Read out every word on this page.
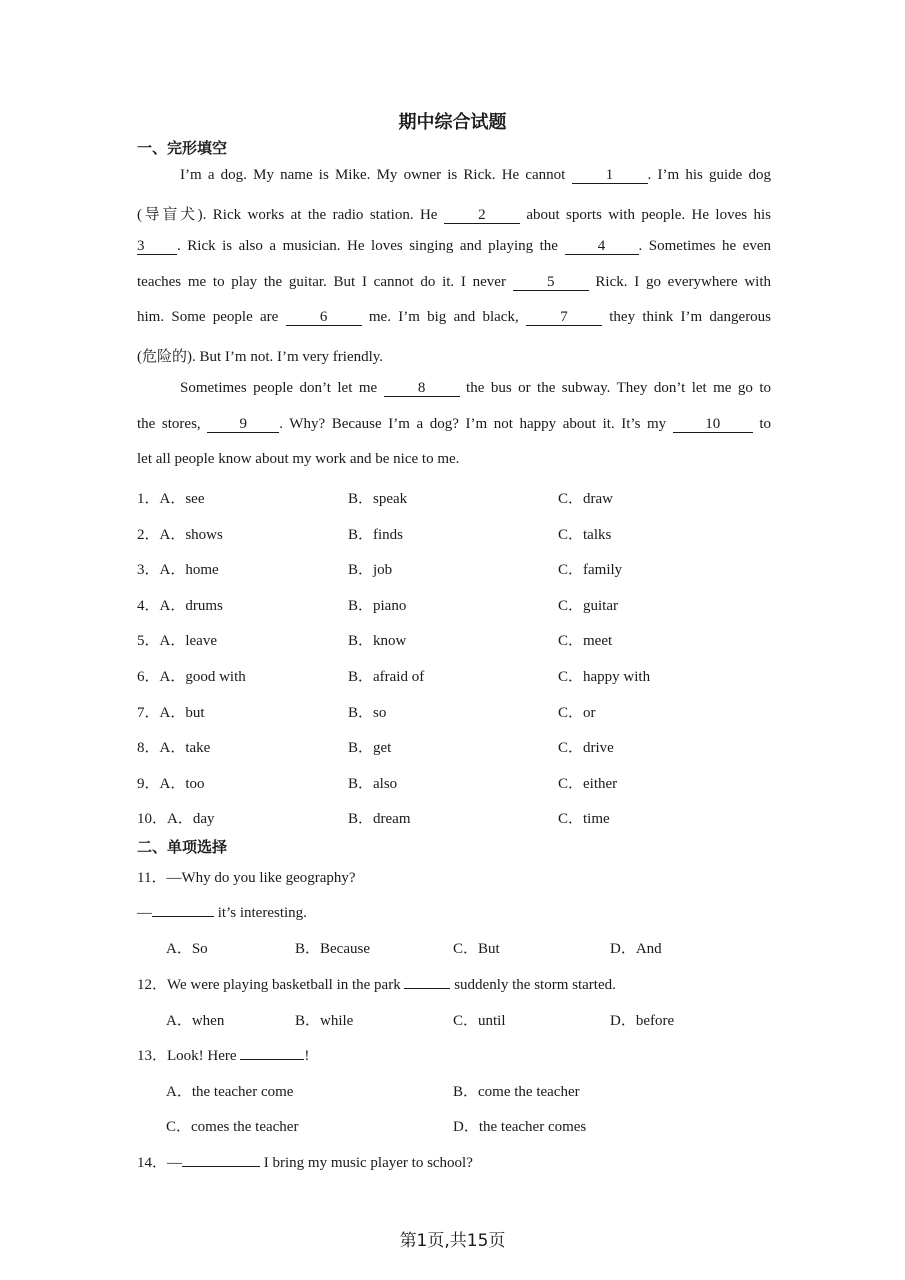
期中综合试题
一、完形填空
I’m a dog. My name is Mike. My owner is Rick. He cannot	1 . I’m his guide dog
(导盲犬). Rick works at the radio station. He	2	about sports with people. He loves his
3 . Rick is also a musician. He loves singing and playing the	4 . Sometimes he even
teaches me to play the guitar. But I cannot do it. I never	5	Rick. I go everywhere with
him. Some people are	6	me. I’m big and black,	7	they think I’m dangerous
(危险的). But I’m not. I’m very friendly.
Sometimes people don’t let me	8	the bus or the subway. They don’t let me go to
the stores,	9 . Why? Because I’m a dog? I’m not happy about it. It’s my	10	to
let all people know about my work and be nice to me.
1．A．see	B．speak	C．draw
2．A．shows	B．finds	C．talks
3．A．home	B．job	C．family
4．A．drums	B．piano	C．guitar
5．A．leave	B．know	C．meet
6．A．good with	B．afraid of	C．happy with
7．A．but	B．so	C．or
8．A．take	B．get	C．drive
9．A．too	B．also	C．either
10．A．day	B．dream	C．time
二、单项选择
11．—Why do you like geography?
—	it’s interesting.
A．So	B．Because	C．But	D．And
12．We were playing basketball in the park	suddenly the storm started.
A．when	B．while	C．until	D．before
13．Look! Here	!
A．the teacher come	B．come the teacher
C．comes the teacher	D．the teacher comes
14．—	I bring my music player to school?
第1页,共15页
